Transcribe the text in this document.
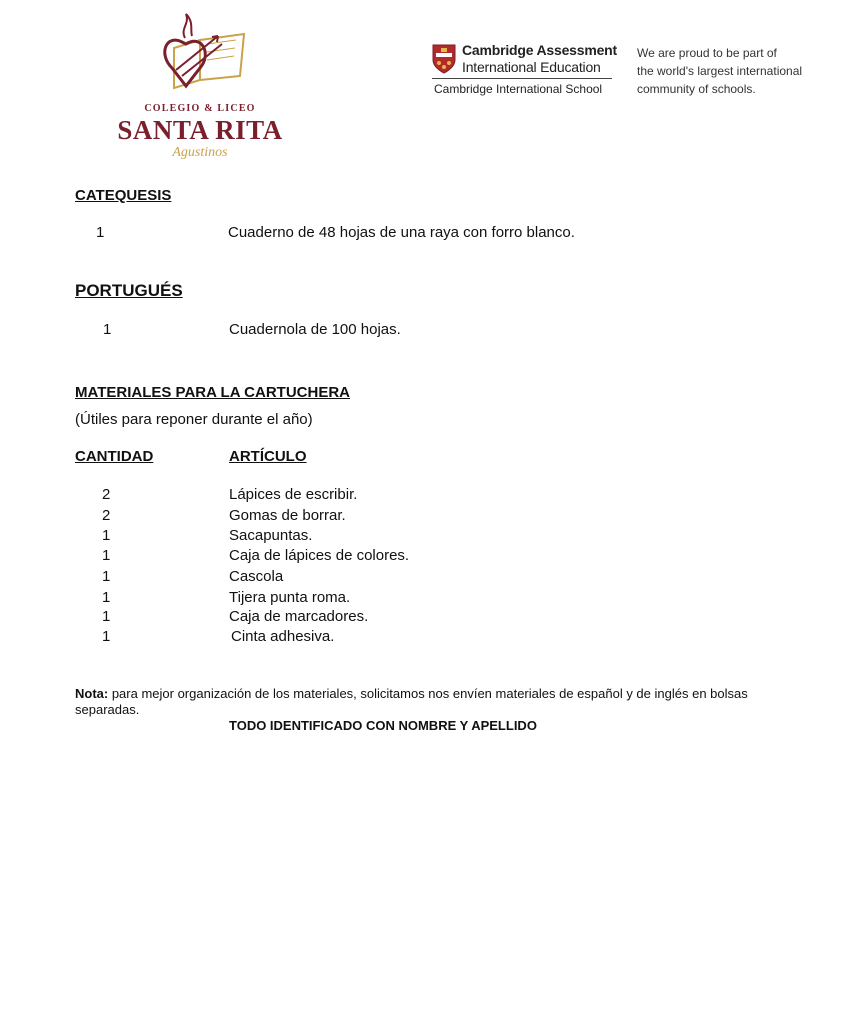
COLEGIO & LICEO
SANTA RITA
Agustinos
Cambridge Assessment
International Education
Cambridge International School
We are proud to be part of
the world's largest international
community of schools.
CATEQUESIS
1	Cuaderno de 48 hojas de una raya con forro blanco.
PORTUGUÉS
1	Cuadernola de 100 hojas.
MATERIALES PARA LA CARTUCHERA
(Útiles para reponer durante el año)
CANTIDAD	ARTÍCULO
2	Lápices de escribir.
2	Gomas de borrar.
1	Sacapuntas.
1	Caja de lápices de colores.
1	Cascola
1	Tijera punta roma.
1	Caja de marcadores.
1	Cinta adhesiva.
Nota: para mejor organización de los materiales, solicitamos nos envíen materiales de español y de inglés en bolsas separadas.
TODO IDENTIFICADO CON NOMBRE Y APELLIDO
